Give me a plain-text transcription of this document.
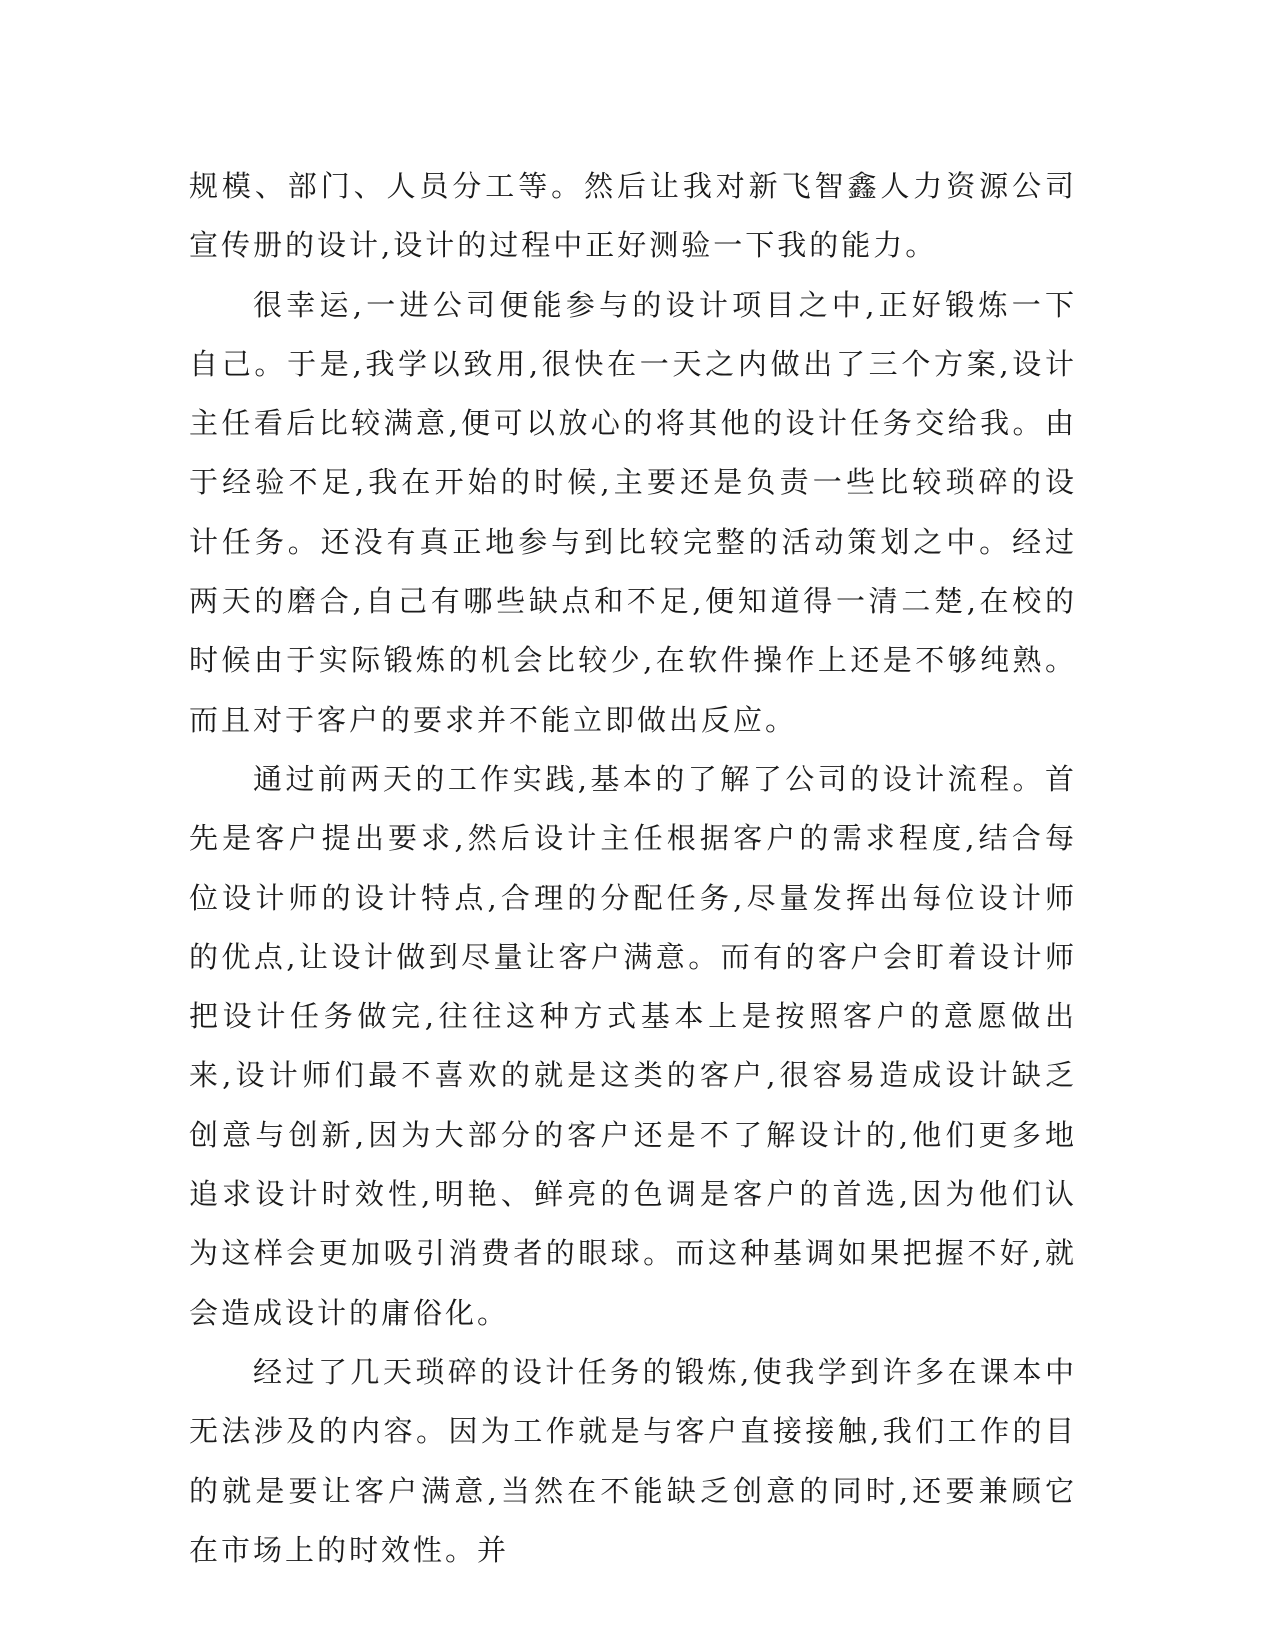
规模、部门、人员分工等。然后让我对新飞智鑫人力资源公司宣传册的设计,设计的过程中正好测验一下我的能力。

很幸运,一进公司便能参与的设计项目之中,正好锻炼一下自己。于是,我学以致用,很快在一天之内做出了三个方案,设计主任看后比较满意,便可以放心的将其他的设计任务交给我。由于经验不足,我在开始的时候,主要还是负责一些比较琐碎的设计任务。还没有真正地参与到比较完整的活动策划之中。经过两天的磨合,自己有哪些缺点和不足,便知道得一清二楚,在校的时候由于实际锻炼的机会比较少,在软件操作上还是不够纯熟。而且对于客户的要求并不能立即做出反应。

通过前两天的工作实践,基本的了解了公司的设计流程。首先是客户提出要求,然后设计主任根据客户的需求程度,结合每位设计师的设计特点,合理的分配任务,尽量发挥出每位设计师的优点,让设计做到尽量让客户满意。而有的客户会盯着设计师把设计任务做完,往往这种方式基本上是按照客户的意愿做出来,设计师们最不喜欢的就是这类的客户,很容易造成设计缺乏创意与创新,因为大部分的客户还是不了解设计的,他们更多地追求设计时效性,明艳、鲜亮的色调是客户的首选,因为他们认为这样会更加吸引消费者的眼球。而这种基调如果把握不好,就会造成设计的庸俗化。

经过了几天琐碎的设计任务的锻炼,使我学到许多在课本中无法涉及的内容。因为工作就是与客户直接接触,我们工作的目的就是要让客户满意,当然在不能缺乏创意的同时,还要兼顾它在市场上的时效性。并
